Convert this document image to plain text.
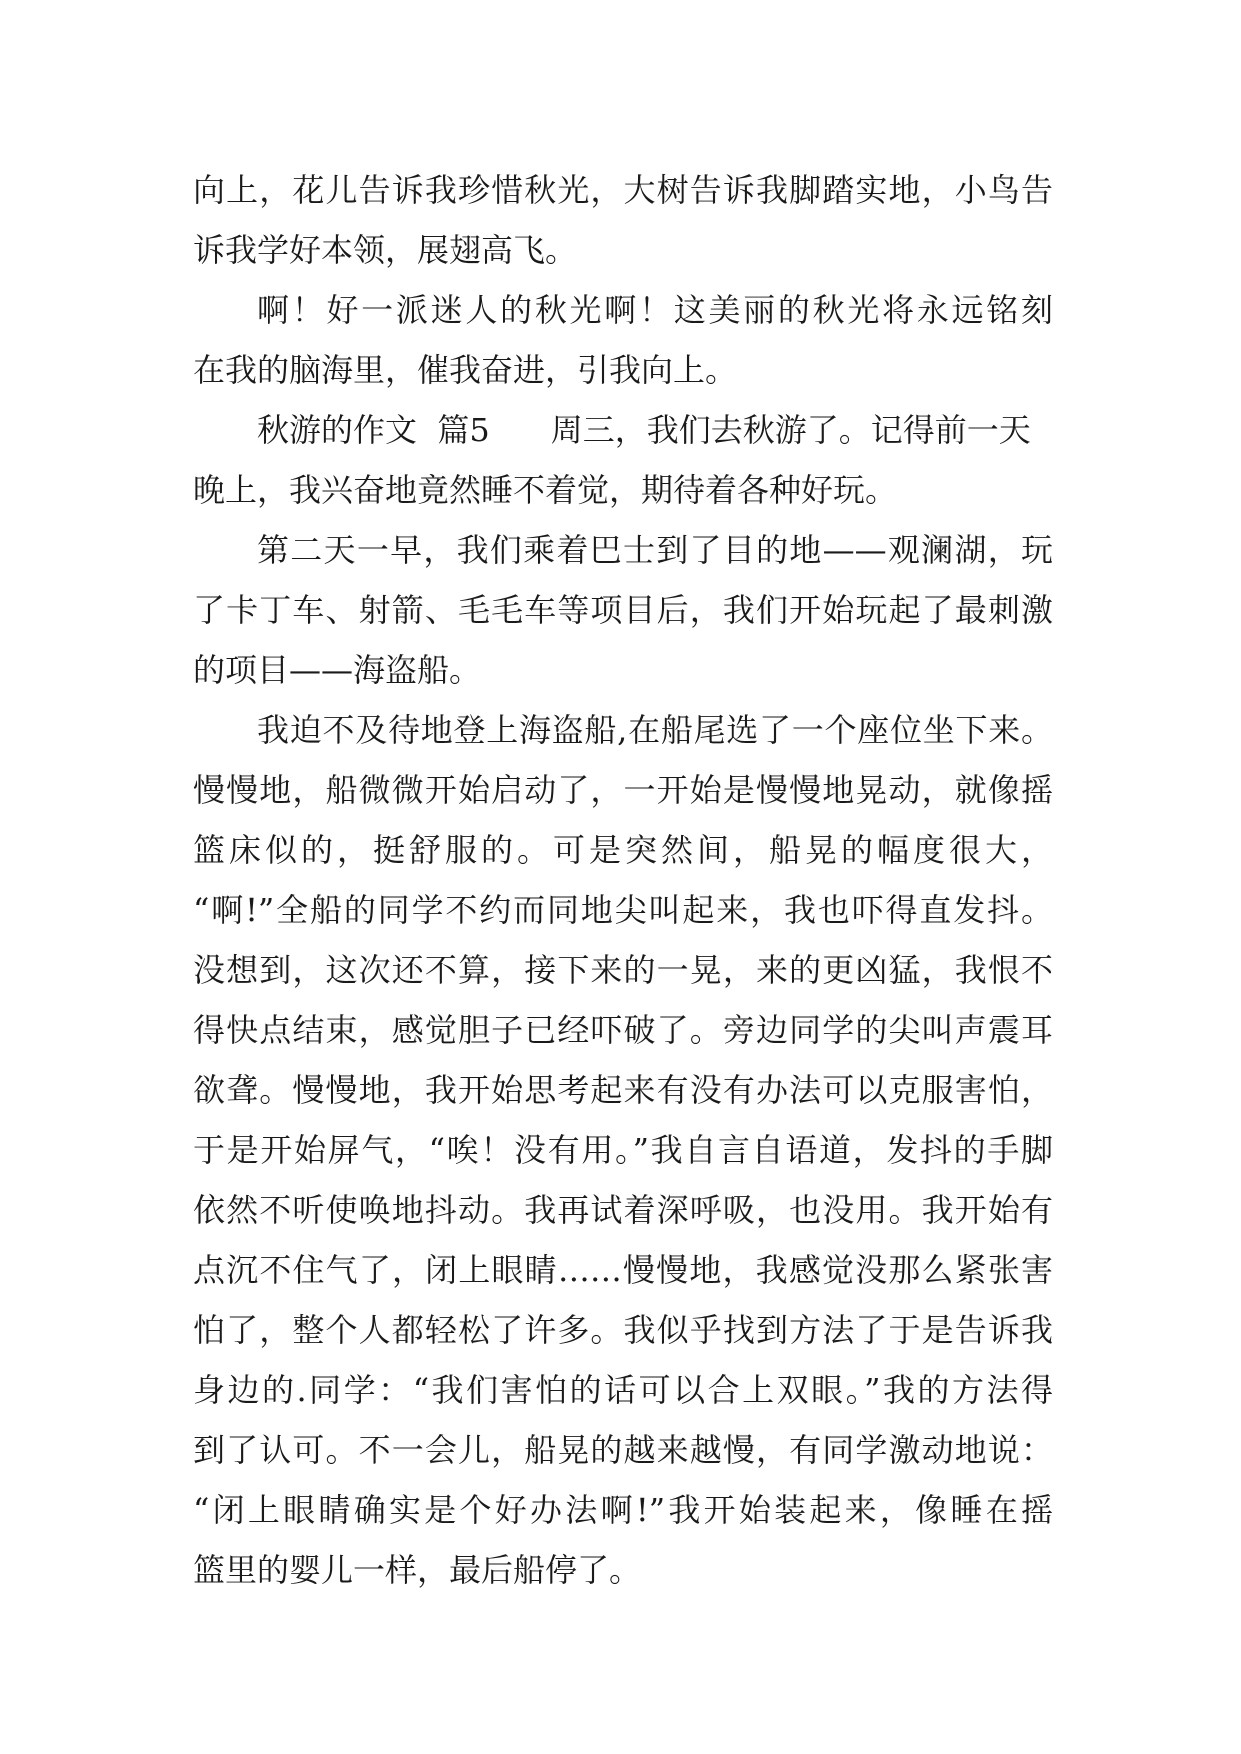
向上，花儿告诉我珍惜秋光，大树告诉我脚踏实地，小鸟告
诉我学好本领，展翅高飞。
啊！好一派迷人的秋光啊！这美丽的秋光将永远铭刻
在我的脑海里，催我奋进，引我向上。
秋游的作文  篇5      周三，我们去秋游了。记得前一天
晚上，我兴奋地竟然睡不着觉，期待着各种好玩。
第二天一早，我们乘着巴士到了目的地——观澜湖，玩
了卡丁车、射箭、毛毛车等项目后，我们开始玩起了最刺激
的项目——海盗船。
我迫不及待地登上海盗船,在船尾选了一个座位坐下来。
慢慢地，船微微开始启动了，一开始是慢慢地晃动，就像摇
篮床似的，挺舒服的。可是突然间，船晃的幅度很大，
“啊!”全船的同学不约而同地尖叫起来，我也吓得直发抖。
没想到，这次还不算，接下来的一晃，来的更凶猛，我恨不
得快点结束，感觉胆子已经吓破了。旁边同学的尖叫声震耳
欲聋。慢慢地，我开始思考起来有没有办法可以克服害怕，
于是开始屏气，“唉！没有用。”我自言自语道，发抖的手脚
依然不听使唤地抖动。我再试着深呼吸，也没用。我开始有
点沉不住气了，闭上眼睛……慢慢地，我感觉没那么紧张害
怕了，整个人都轻松了许多。我似乎找到方法了于是告诉我
身边的.同学：“我们害怕的话可以合上双眼。”我的方法得
到了认可。不一会儿，船晃的越来越慢，有同学激动地说：
“闭上眼睛确实是个好办法啊!”我开始装起来，像睡在摇
篮里的婴儿一样，最后船停了。
